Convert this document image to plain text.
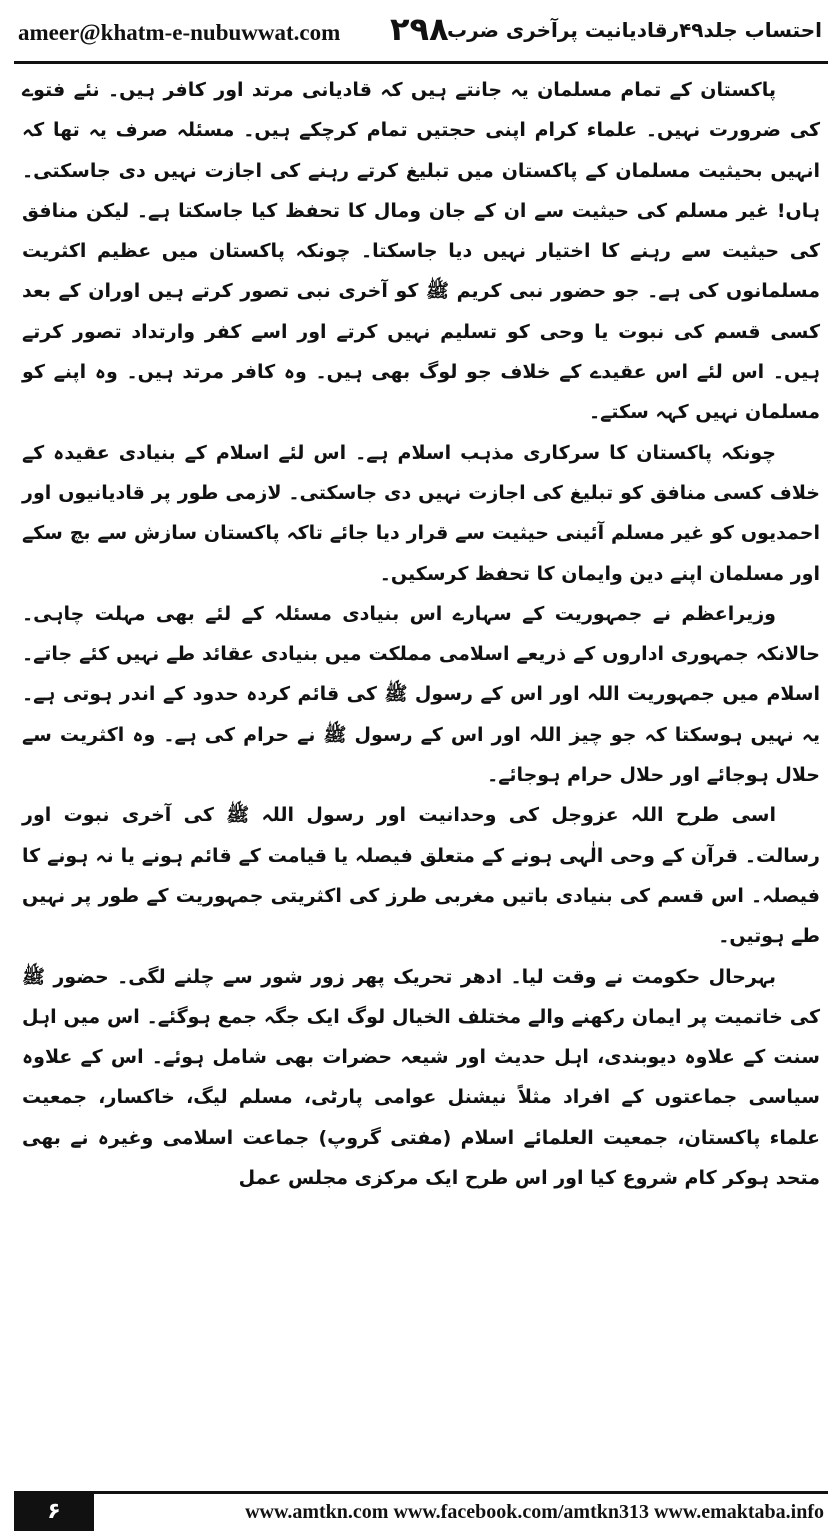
ameer@khatm-e-nubuwwat.com ۲۹۸
احتساب جلد۴۹رقادیانیت پرآخری ضرب

پاکستان کے تمام مسلمان یہ جانتے ہیں کہ قادیانی مرتد اور کافر ہیں۔ نئے فتوے کی ضرورت نہیں۔ علماء کرام اپنی حجتیں تمام کرچکے ہیں۔ مسئلہ صرف یہ تھا کہ انہیں بحیثیت مسلمان کے پاکستان میں تبلیغ کرتے رہنے کی اجازت نہیں دی جاسکتی۔ ہاں! غیر مسلم کی حیثیت سے ان کے جان ومال کا تحفظ کیا جاسکتا ہے۔ لیکن منافق کی حیثیت سے رہنے کا اختیار نہیں دیا جاسکتا۔ چونکہ پاکستان میں عظیم اکثریت مسلمانوں کی ہے۔ جو حضور نبی کریم ﷺ کو آخری نبی تصور کرتے ہیں اوران کے بعد کسی قسم کی نبوت یا وحی کو تسلیم نہیں کرتے اور اسے کفر وارتداد تصور کرتے ہیں۔ اس لئے اس عقیدے کے خلاف جو لوگ بھی ہیں۔ وہ کافر مرتد ہیں۔ وہ اپنے کو مسلمان نہیں کہہ سکتے۔

چونکہ پاکستان کا سرکاری مذہب اسلام ہے۔ اس لئے اسلام کے بنیادی عقیدہ کے خلاف کسی منافق کو تبلیغ کی اجازت نہیں دی جاسکتی۔ لازمی طور پر قادیانیوں اور احمدیوں کو غیر مسلم آئینی حیثیت سے قرار دیا جائے تاکہ پاکستان سازش سے بچ سکے اور مسلمان اپنے دین وایمان کا تحفظ کرسکیں۔

وزیراعظم نے جمہوریت کے سہارے اس بنیادی مسئلہ کے لئے بھی مہلت چاہی۔ حالانکہ جمہوری اداروں کے ذریعے اسلامی مملکت میں بنیادی عقائد طے نہیں کئے جاتے۔ اسلام میں جمہوریت اللہ اور اس کے رسول ﷺ کی قائم کردہ حدود کے اندر ہوتی ہے۔ یہ نہیں ہوسکتا کہ جو چیز اللہ اور اس کے رسول ﷺ نے حرام کی ہے۔ وہ اکثریت سے حلال ہوجائے اور حلال حرام ہوجائے۔

اسی طرح اللہ عزوجل کی وحدانیت اور رسول اللہ ﷺ کی آخری نبوت اور رسالت۔ قرآن کے وحی الٰہی ہونے کے متعلق فیصلہ یا قیامت کے قائم ہونے یا نہ ہونے کا فیصلہ۔ اس قسم کی بنیادی باتیں مغربی طرز کی اکثریتی جمہوریت کے طور پر نہیں طے ہوتیں۔

بہرحال حکومت نے وقت لیا۔ ادھر تحریک پھر زور شور سے چلنے لگی۔ حضور ﷺ کی خاتمیت پر ایمان رکھنے والے مختلف الخیال لوگ ایک جگہ جمع ہوگئے۔ اس میں اہل سنت کے علاوہ دیوبندی، اہل حدیث اور شیعہ حضرات بھی شامل ہوئے۔ اس کے علاوہ سیاسی جماعتوں کے افراد مثلاً نیشنل عوامی پارٹی، مسلم لیگ، خاکسار، جمعیت علماء پاکستان، جمعیت العلمائے اسلام (مفتی گروپ) جماعت اسلامی وغیرہ نے بھی متحد ہوکر کام شروع کیا اور اس طرح ایک مرکزی مجلس عمل

۶	www.amtkn.com www.facebook.com/amtkn313 www.emaktaba.info
